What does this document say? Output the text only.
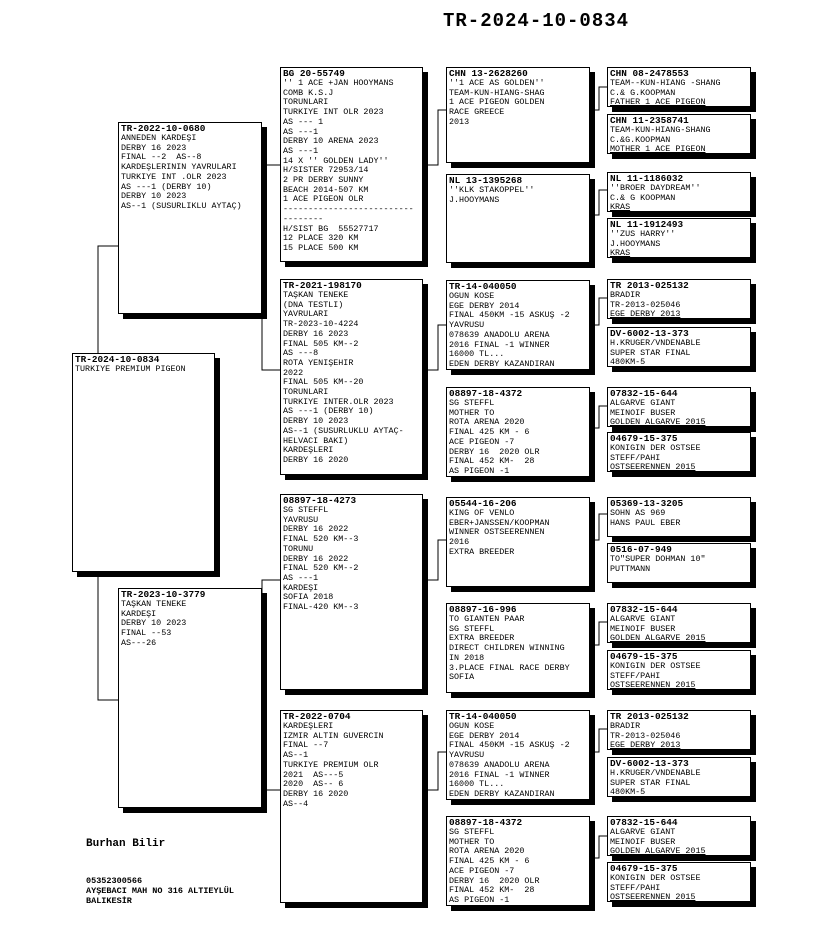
TR-2024-10-0834
TR-2024-10-0834
TÜRKİYE PREMİUM PİGEON
TR-2022-10-0680
ANNEDEN KARDEŞİ
DERBY 16 2023
FİNAL --2  AS--8
KARDEŞLERİNİN YAVRULARI
TÜRKİYE İNT .OLR 2023
AS ---1 (DERBY 10)
DERBY 10 2023
AS--1 (SUSURLIKLU AYTAÇ)
TR-2023-10-3779
TAŞKAN TENEKE
KARDEŞİ
DERBY 10 2023
FİNAL --53
AS---26
BG 20-55749
'' 1 ACE +JAN HOOYMANS
COMB K.S.J
TORUNLARI
TÜRKİYE İNT OLR 2023
AS --- 1
AS ---1
DERBY 10 ARENA 2023
AS ---1
14 X '' GOLDEN LADY''
H/SİSTER 72953/14
2 PR DERBY SUNNY
BEACH 2014-507 KM
1 ACE PİGEON OLR
--------------------------
--------
H/SIST BG  55527717
12 PLACE 320 KM
15 PLACE 500 KM
TR-2021-198170
TAŞKAN TENEKE
(DNA TESTLİ)
YAVRULARI
TR-2023-10-4224
DERBY 16 2023
FİNAL 505 KM--2
AS ---8
ROTA YENİŞEHİR
2022
FİNAL 505 KM--20
TORUNLARI
TÜRKİYE İNTER.OLR 2023
AS ---1 (DERBY 10)
DERBY 10 2023
AS--1 (SUSURLUKLU AYTAÇ-
HELVACI BAKİ)
KARDEŞLERİ
DERBY 16 2020
08897-18-4273
SG STEFFL
YAVRUSU
DERBY 16 2022
FİNAL 520 KM--3
TORUNU
DERBY 16 2022
FİNAL 520 KM--2
AS ---1
KARDEŞİ
SOFİA 2018
FİNAL-420 KM--3
TR-2022-0704
KARDEŞLERİ
İZMİR ALTIN GÜVERCİN
FİNAL --7
AS--1
TÜRKİYE PREMİUM OLR
2021  AS---5
2020  AS-- 6
DERBY 16 2020
AS--4
CHN 13-2628260
''1 ACE AS GOLDEN''
TEAM-KUN-HIANG-SHAG
1 ACE PİGEON GOLDEN
RACE GREECE
2013
NL 13-1395268
''KLK STAKOPPEL''
J.HOOYMANS
TR-14-040050
OGUN KOSE
EGE DERBY 2014
FİNAL 450KM -15 ASKUŞ -2
YAVRUSU
078639 ANADOLU ARENA
2016 FİNAL -1 WİNNER
16000 TL...
EDEN DERBY KAZANDIRAN
08897-18-4372
SG STEFFL
MOTHER TO
ROTA ARENA 2020
FİNAL 425 KM - 6
ACE PİGEON -7
DERBY 16  2020 OLR
FİNAL 452 KM-  28
AS PİGEON -1
05544-16-206
KING OF VENLO
EBER+JANSSEN/KOOPMAN
WİNNER OSTSEERENNEN
2016
EXTRA BREEDER
08897-16-996
TO GIANTEN PAAR
SG STEFFL
EXTRA BREEDER
DİRECT CHILDREN WİNNİNG
İN 2018
3.PLACE FİNAL RACE DERBY
SOFİA
TR-14-040050
OGUN KOSE
EGE DERBY 2014
FİNAL 450KM -15 ASKUŞ -2
YAVRUSU
078639 ANADOLU ARENA
2016 FİNAL -1 WİNNER
16000 TL...
EDEN DERBY KAZANDIRAN
08897-18-4372
SG STEFFL
MOTHER TO
ROTA ARENA 2020
FİNAL 425 KM - 6
ACE PİGEON -7
DERBY 16  2020 OLR
FİNAL 452 KM-  28
AS PİGEON -1
CHN 08-2478553
TEAM--KUN-HIANG -SHANG
C.& G.KOOPMAN
FATHER 1 ACE PİGEON
CHN 11-2358741
TEAM-KUN-HIANG-SHANG
C.&G.KOOPMAN
MOTHER 1 ACE PİGEON
NL 11-1186032
''BROER DAYDREAM''
C.& G KOOPMAN
KRAS
NL 11-1912493
''ZUS HARRY''
J.HOOYMANS
KRAS
TR 2013-025132
BRADIR
TR-2013-025046
EGE DERBY 2013
DV-6002-13-373
H.KRUGER/VNDENABLE
SÜPER STAR FİNAL
480KM-5
07832-15-644
ALGARVE GIANT
MEİNOİF BÜSER
GOLDEN ALGARVE 2015
04679-15-375
KONIGIN DER OSTSEE
STEFF/PAHİ
OSTSEERENNEN 2015
05369-13-3205
SOHN AS 969
HANS PAUL EBER
0516-07-949
TO"SUPER DOHMAN 10"
PÜTTMANN
07832-15-644
ALGARVE GIANT
MEİNOİF BÜSER
GOLDEN ALGARVE 2015
04679-15-375
KONIGIN DER OSTSEE
STEFF/PAHİ
OSTSEERENNEN 2015
TR 2013-025132
BRADIR
TR-2013-025046
EGE DERBY 2013
DV-6002-13-373
H.KRUGER/VNDENABLE
SÜPER STAR FİNAL
480KM-5
07832-15-644
ALGARVE GIANT
MEİNOİF BÜSER
GOLDEN ALGARVE 2015
04679-15-375
KONIGIN DER OSTSEE
STEFF/PAHİ
OSTSEERENNEN 2015
Burhan Bilir
05352300566
AYŞEBACI MAH NO 316 ALTIEYLÜL
BALIKESİR
